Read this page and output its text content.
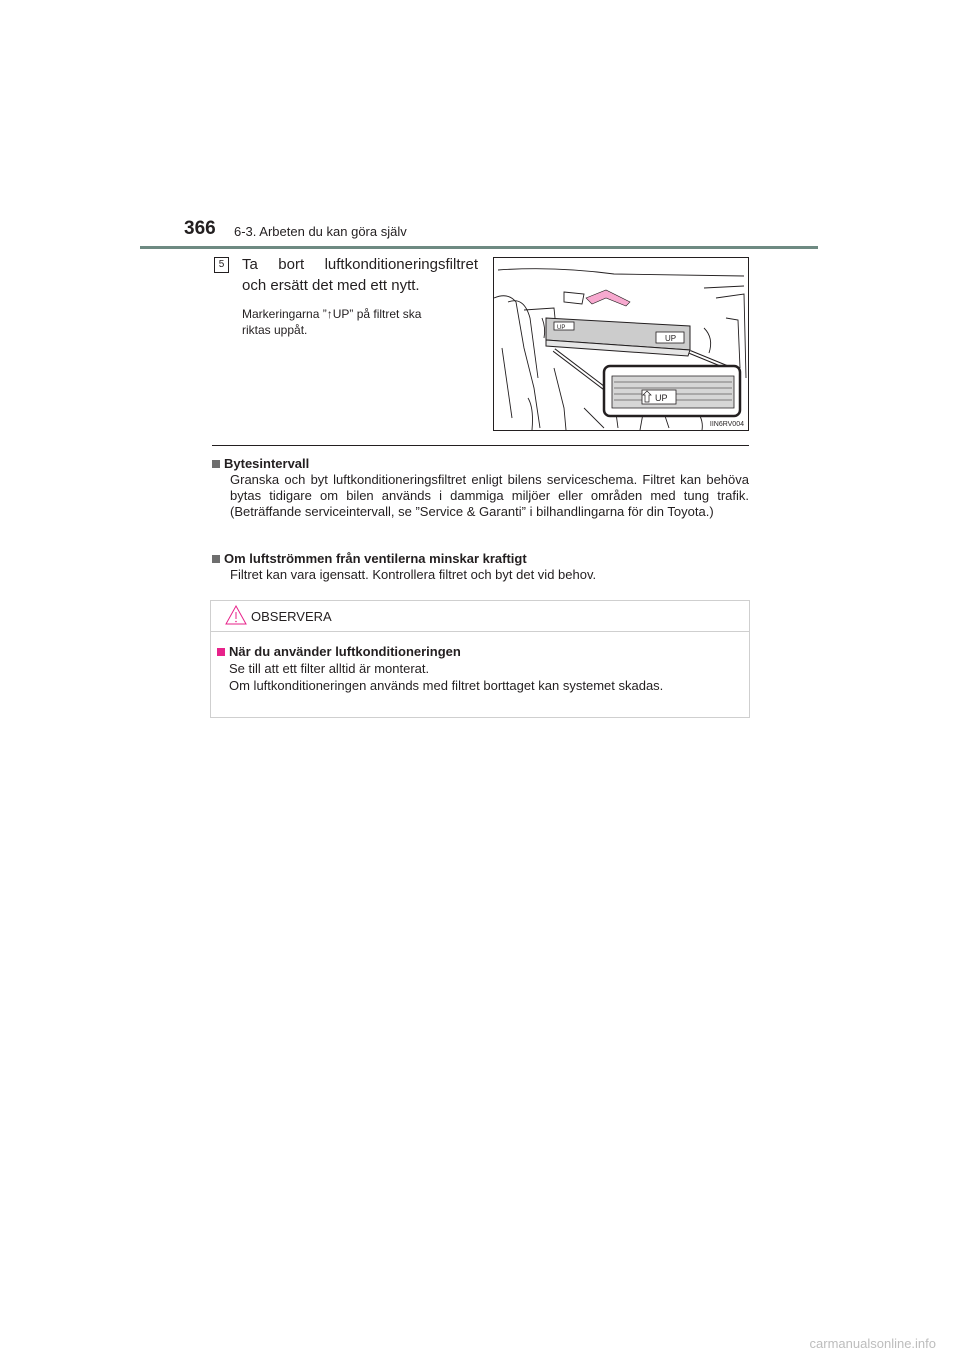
366 6-3. Arbeten du kan göra själv
5	Ta bort luftkonditioneringsfiltret
och ersätt det med ett nytt.
Markeringarna ”↑UP” på filtret ska
riktas uppåt.	UP
UP
UP
IIN6RV004
Bytesintervall
Granska och byt luftkonditioneringsfiltret enligt bilens serviceschema. Filtret kan behöva bytas tidigare om bilen används i dammiga miljöer eller områden med tung trafik. (Beträffande serviceintervall, se ”Service & Garanti” i bilhandlingarna för din Toyota.)
Om luftströmmen från ventilerna minskar kraftigt
Filtret kan vara igensatt. Kontrollera filtret och byt det vid behov.
OBSERVERA
När du använder luftkonditioneringen
Se till att ett filter alltid är monterat.
Om luftkonditioneringen används med filtret borttaget kan systemet skadas.
carmanualsonline.info
